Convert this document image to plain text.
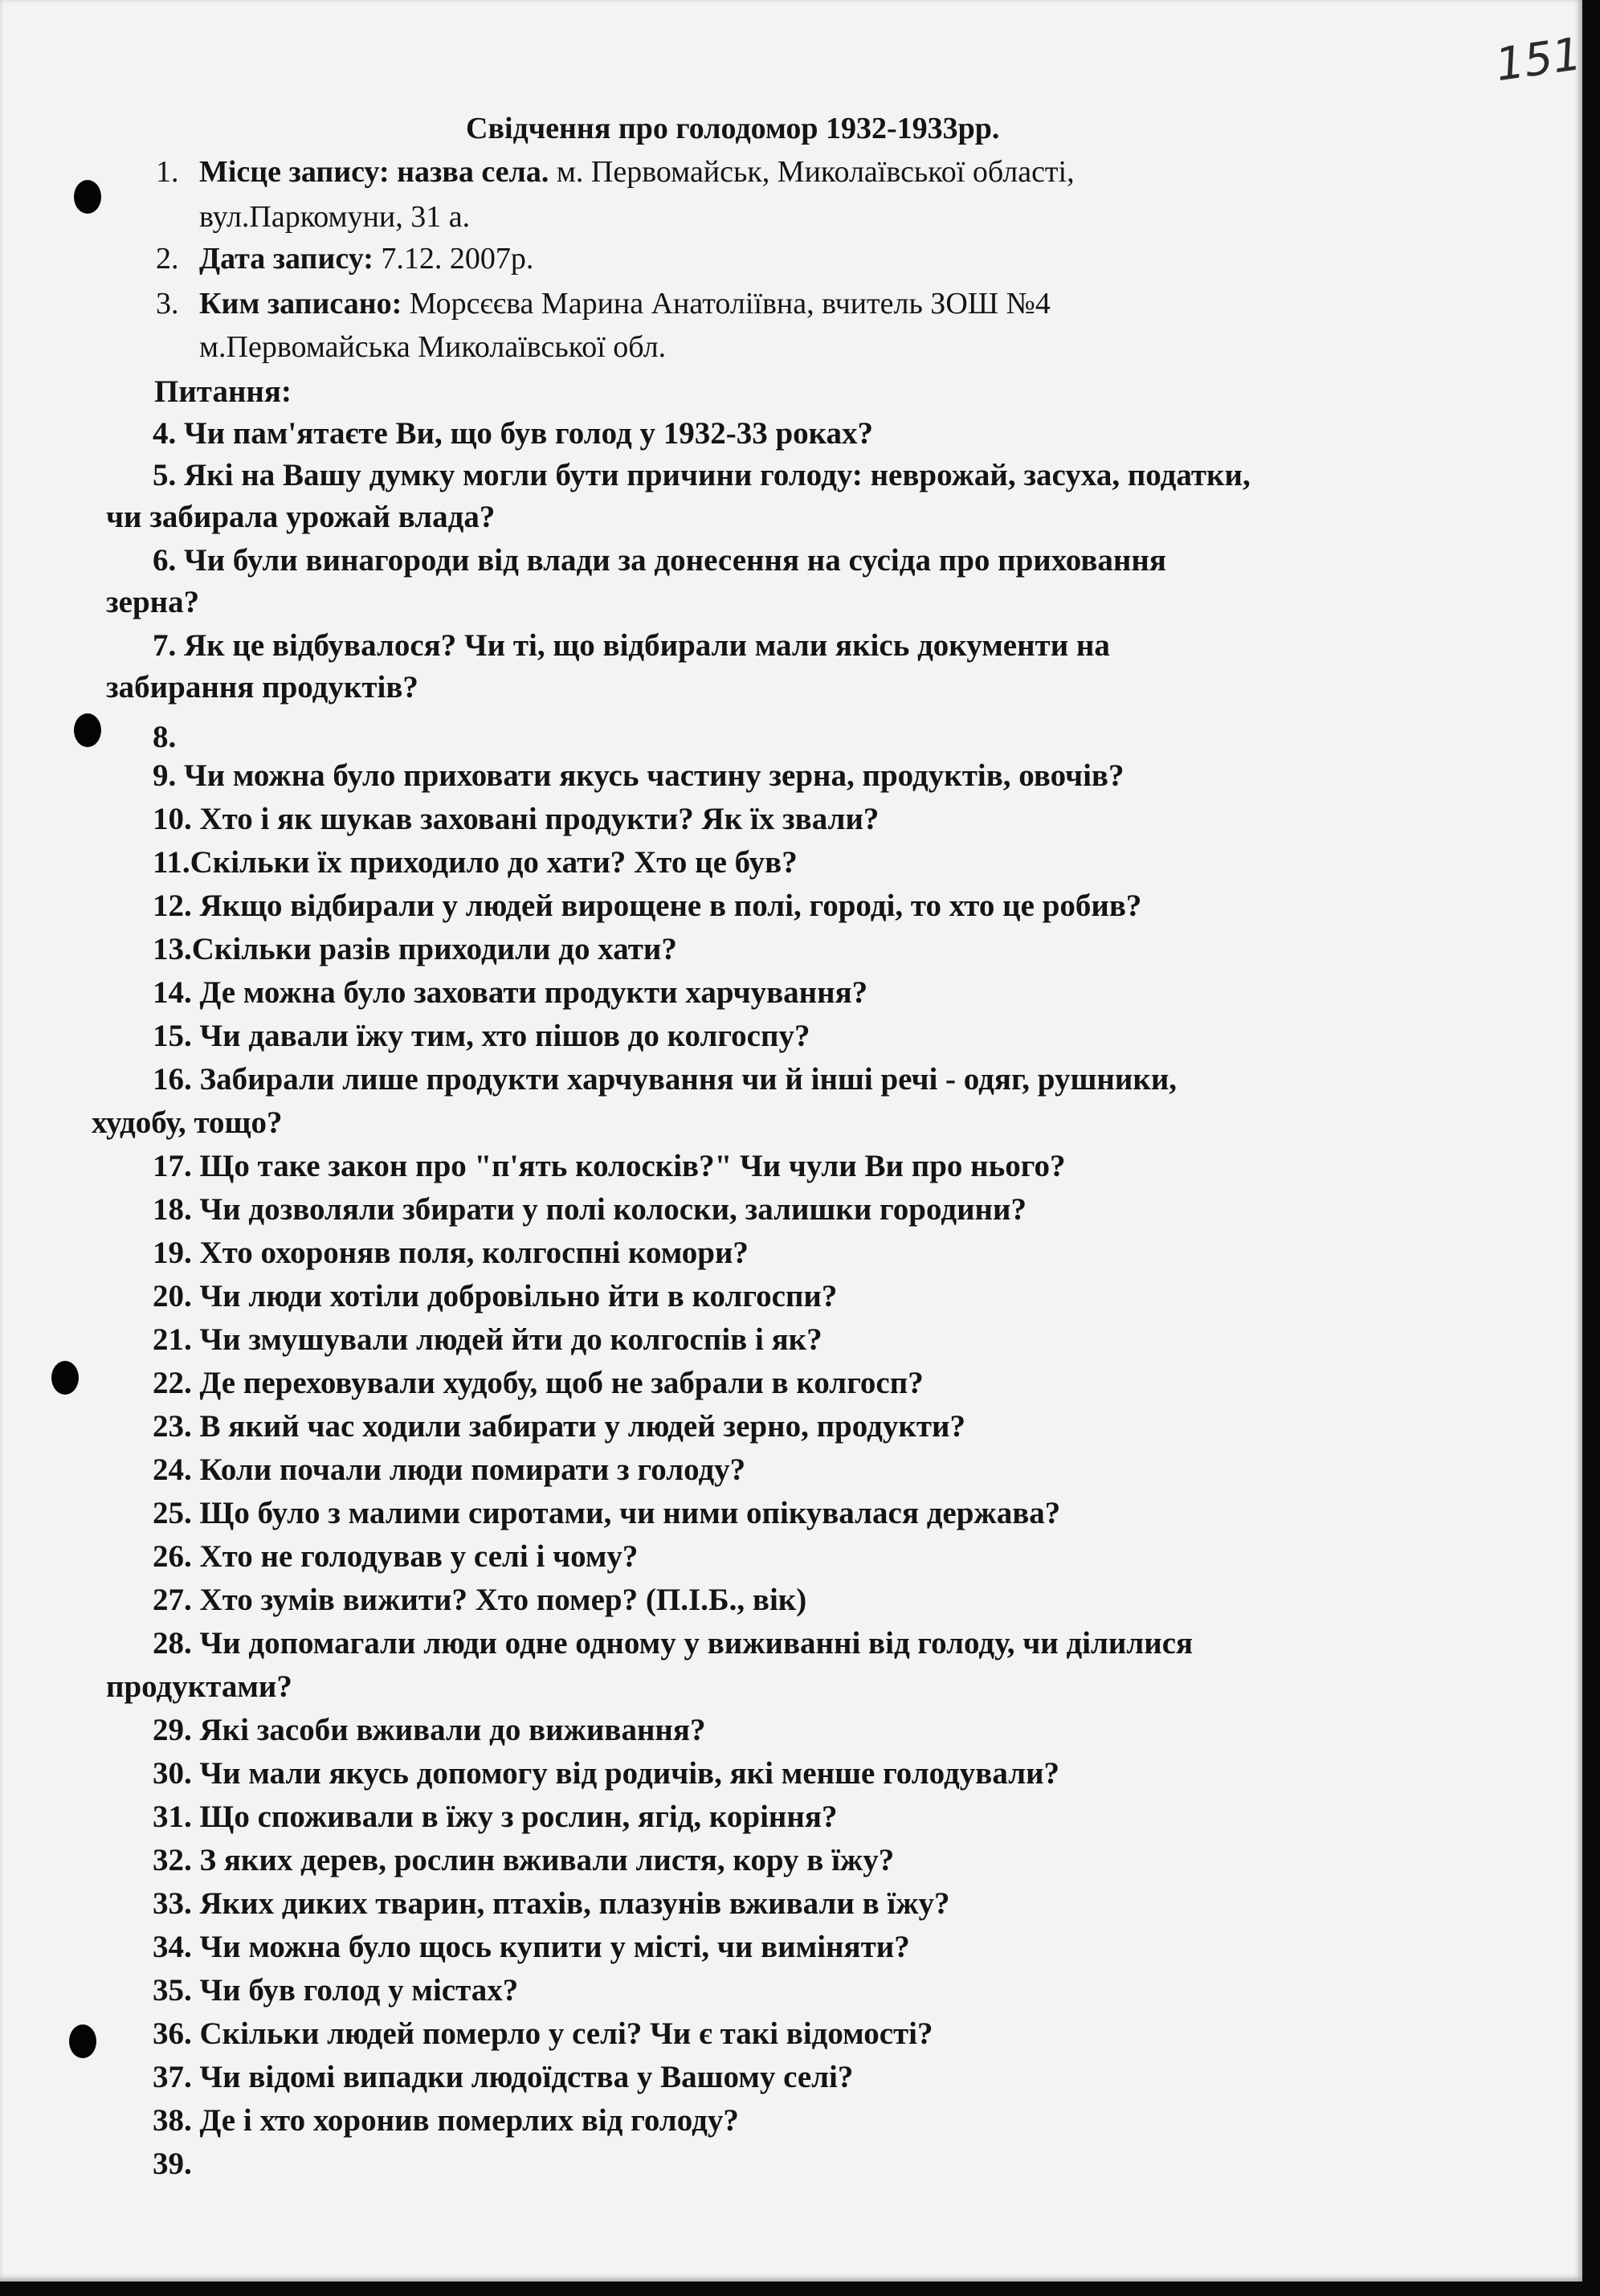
151
Свідчення про голодомор 1932-1933рр.
1. Місце запису: назва села. м. Первомайськ, Миколаївської області,
вул.Паркомуни, 31 а.
2. Дата запису: 7.12. 2007р.
3. Ким записано: Морсєєва Марина Анатоліївна, вчитель ЗОШ №4
м.Первомайська Миколаївської обл.
Питання:
4. Чи пам'ятаєте Ви, що був голод у 1932-33 роках?
5. Які на Вашу думку могли бути причини голоду: неврожай, засуха, податки,
чи забирала урожай влада?
6. Чи були винагороди від влади за донесення на сусіда про приховання
зерна?
7. Як це відбувалося? Чи ті, що відбирали мали якісь документи на
забирання продуктів?
8.
9. Чи можна було приховати якусь частину зерна, продуктів, овочів?
10. Хто і як шукав заховані продукти? Як їх звали?
11.Скільки їх приходило до хати? Хто це був?
12. Якщо відбирали у людей вирощене в полі, городі, то хто це робив?
13.Скільки разів приходили до хати?
14. Де можна було заховати продукти харчування?
15. Чи давали їжу тим, хто пішов до колгоспу?
16. Забирали лише продукти харчування чи й інші речі - одяг, рушники,
худобу, тощо?
17. Що таке закон про "п'ять колосків?" Чи чули Ви про нього?
18. Чи дозволяли збирати у полі колоски, залишки городини?
19. Хто охороняв поля, колгоспні комори?
20. Чи люди хотіли добровільно йти в колгоспи?
21. Чи змушували людей йти до колгоспів і як?
22. Де переховували худобу, щоб не забрали в колгосп?
23. В який час ходили забирати у людей зерно, продукти?
24. Коли почали люди помирати з голоду?
25. Що було з малими сиротами, чи ними опікувалася держава?
26. Хто не голодував у селі і чому?
27. Хто зумів вижити? Хто помер? (П.І.Б., вік)
28. Чи допомагали люди одне одному у виживанні від голоду, чи ділилися
продуктами?
29. Які засоби вживали до виживання?
30. Чи мали якусь допомогу від родичів, які менше голодували?
31. Що споживали в їжу з рослин, ягід, коріння?
32. З яких дерев, рослин вживали листя, кору в їжу?
33. Яких диких тварин, птахів, плазунів вживали в їжу?
34. Чи можна було щось купити у місті, чи виміняти?
35. Чи був голод у містах?
36. Скільки людей померло у селі? Чи є такі відомості?
37. Чи відомі випадки людоїдства у Вашому селі?
38. Де і хто хоронив померлих від голоду?
39.
